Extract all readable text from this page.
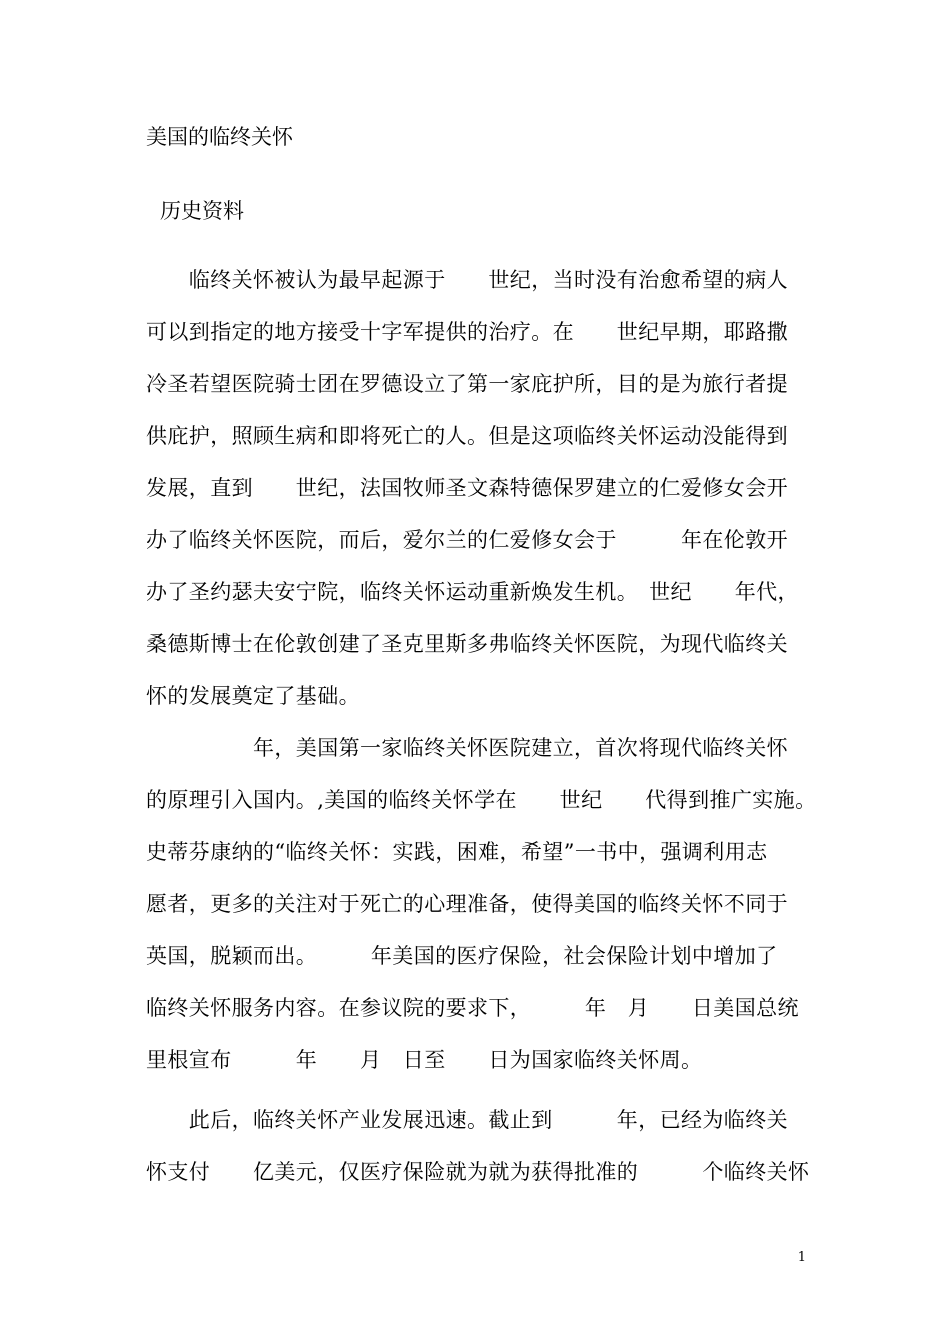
美国的临终关怀
历史资料
　　临终关怀被认为最早起源于　　世纪，当时没有治愈希望的病人
可以到指定的地方接受十字军提供的治疗。在　　世纪早期，耶路撒
冷圣若望医院骑士团在罗德设立了第一家庇护所，目的是为旅行者提
供庇护，照顾生病和即将死亡的人。但是这项临终关怀运动没能得到
发展，直到　　世纪，法国牧师圣文森特德保罗建立的仁爱修女会开
办了临终关怀医院，而后，爱尔兰的仁爱修女会于　　　年在伦敦开
办了圣约瑟夫安宁院，临终关怀运动重新焕发生机。　世纪　　年代，
桑德斯博士在伦敦创建了圣克里斯多弗临终关怀医院，为现代临终关
怀的发展奠定了基础。
　　　　　年，美国第一家临终关怀医院建立，首次将现代临终关怀
的原理引入国内。,美国的临终关怀学在　　世纪　　代得到推广实施。
史蒂芬康纳的“临终关怀：实践，困难，希望”一书中，强调利用志
愿者，更多的关注对于死亡的心理准备，使得美国的临终关怀不同于
英国，脱颖而出。　　　年美国的医疗保险，社会保险计划中增加了
临终关怀服务内容。在参议院的要求下，　　　年　月　　日美国总统
里根宣布　　　年　　月　日至　　日为国家临终关怀周。
　　此后，临终关怀产业发展迅速。截止到　　　年，已经为临终关
怀支付　　亿美元，仅医疗保险就为就为获得批准的　　　个临终关怀
1
